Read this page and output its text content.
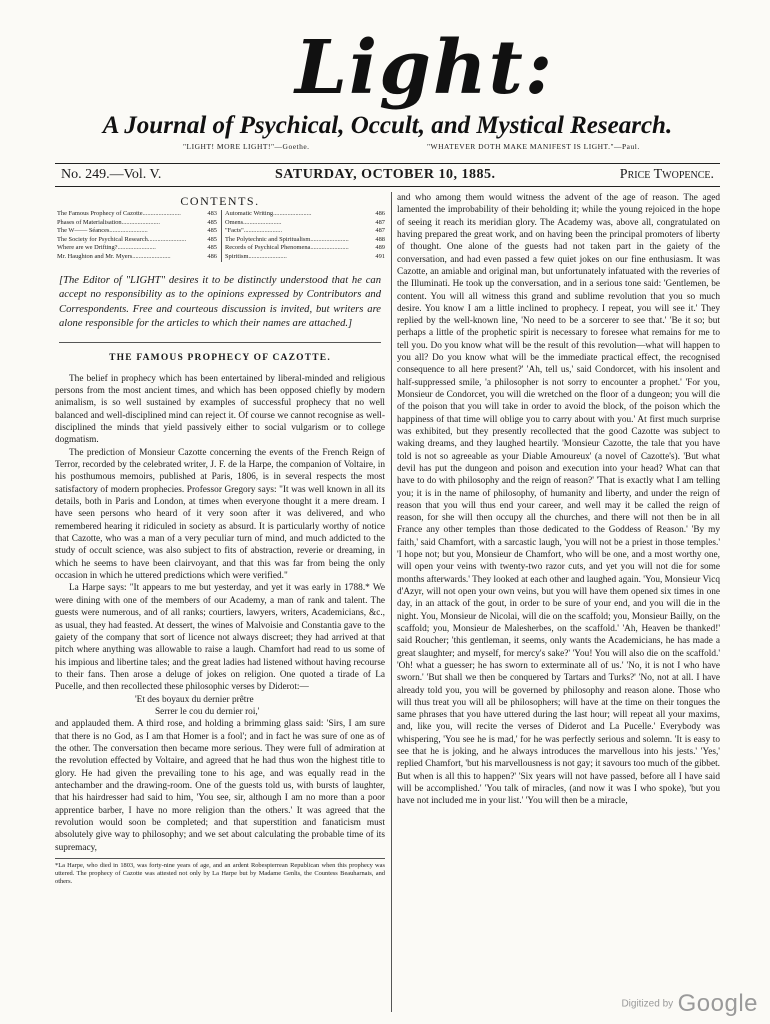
Light:
A Journal of Psychical, Occult, and Mystical Research.
"LIGHT! MORE LIGHT!"—Goethe.	"WHATEVER DOTH MAKE MANIFEST IS LIGHT."—Paul.
No. 249.—Vol. V.	SATURDAY, OCTOBER 10, 1885.	Price Twopence.
CONTENTS.
The Famous Prophecy of Cazotte ........................	483
Phases of Materialisation ........................	485
The W—— Séances ........................	485
The Society for Psychical Research ........................	485
Where are we Drifting? ........................	485
Mr. Haughton and Mr. Myers ........................	486
Automatic Writing ........................	486
Omens ........................	487
"Facts" ........................	487
The Polytechnic and Spiritualism ........................	488
Records of Psychical Phenomena ........................	489
Spiritism ........................	491

[The Editor of "LIGHT" desires it to be distinctly understood that he can accept no responsibility as to the opinions expressed by Contributors and Correspondents. Free and courteous discussion is invited, but writers are alone responsible for the articles to which their names are attached.]

THE FAMOUS PROPHECY OF CAZOTTE.

The belief in prophecy which has been entertained by liberal-minded and religious persons from the most ancient times, and which has been opposed chiefly by modern animalism, is so well sustained by examples of successful prophecy that no well balanced and well-disciplined mind can reject it. Of course we cannot recognise as well-disciplined the minds that yield passively either to social vulgarism or to college dogmatism.

The prediction of Monsieur Cazotte concerning the events of the French Reign of Terror, recorded by the celebrated writer, J. F. de la Harpe, the companion of Voltaire, in his posthumous memoirs, published at Paris, 1806, is in several respects the most satisfactory of modern prophecies. Professor Gregory says: "It was well known in all its details, both in Paris and London, at times when everyone thought it a mere dream. I have seen persons who heard of it very soon after it was delivered, and who remembered hearing it ridiculed in society as absurd. It is particularly worthy of notice that Cazotte, who was a man of a very peculiar turn of mind, and much addicted to the study of occult science, was also subject to fits of abstraction, reverie or dreaming, in which he seems to have been clairvoyant, and that this was far from being the only occasion in which he uttered predictions which were verified."

La Harpe says: "It appears to me but yesterday, and yet it was early in 1788.* We were dining with one of the members of our Academy, a man of rank and talent. The guests were numerous, and of all ranks; courtiers, lawyers, writers, Academicians, &c., as usual, they had feasted. At dessert, the wines of Malvoisie and Constantia gave to the gaiety of the company that sort of licence not always discreet; they had arrived at that pitch where anything was allowable to raise a laugh. Chamfort had read to us some of his impious and libertine tales; and the great ladies had listened without having recourse to their fans. Then arose a deluge of jokes on religion. One quoted a tirade of La Pucelle, and then recollected these philosophic verses by Diderot:—

'Et des boyaux du dernier prêtre

Serrer le cou du dernier roi,'

and applauded them. A third rose, and holding a brimming glass said: 'Sirs, I am sure that there is no God, as I am that Homer is a fool'; and in fact he was sure of one as of the other. The conversation then became more serious. They were full of admiration at the revolution effected by Voltaire, and agreed that he had thus won the highest title to glory. He had given the prevailing tone to his age, and was equally read in the antechamber and the drawing-room. One of the guests told us, with bursts of laughter, that his hairdresser had said to him, 'You see, sir, although I am no more than a poor apprentice barber, I have no more religion than the others.' It was agreed that the revolution would soon be completed; and that superstition and fanaticism must absolutely give way to philosophy; and we set about calculating the probable time of its supremacy,

*La Harpe, who died in 1803, was forty-nine years of age, and an ardent Robespierrean Republican when this prophecy was uttered. The prophecy of Cazotte was attested not only by La Harpe but by Madame Genlis, the Countess Beauharnais, and others.

and who among them would witness the advent of the age of reason. The aged lamented the improbability of their beholding it; while the young rejoiced in the hope of seeing it reach its meridian glory. The Academy was, above all, congratulated on having prepared the great work, and on having been the principal promoters of liberty of thought. One alone of the guests had not taken part in the gaiety of the conversation, and had even passed a few quiet jokes on our fine enthusiasm. It was Cazotte, an amiable and original man, but unfortunately infatuated with the reveries of the Illuminati. He took up the conversation, and in a serious tone said: 'Gentlemen, be content. You will all witness this grand and sublime revolution that you so much desire. You know I am a little inclined to prophecy. I repeat, you will see it.' They replied by the well-known line, 'No need to be a sorcerer to see that.' 'Be it so; but perhaps a little of the prophetic spirit is necessary to foresee what remains for me to tell you. Do you know what will be the result of this revolution—what will happen to you all? Do you know what will be the immediate practical effect, the recognised consequence to all here present?' 'Ah, tell us,' said Condorcet, with his insolent and half-suppressed smile, 'a philosopher is not sorry to encounter a prophet.' 'For you, Monsieur de Condorcet, you will die wretched on the floor of a dungeon; you will die of the poison that you will take in order to avoid the block, of the poison which the happiness of that time will oblige you to carry about with you.' At first much surprise was exhibited, but they presently recollected that the good Cazotte was subject to waking dreams, and they laughed heartily. 'Monsieur Cazotte, the tale that you have told is not so agreeable as your Diable Amoureux' (a novel of Cazotte's). 'But what devil has put the dungeon and poison and execution into your head? What can that have to do with philosophy and the reign of reason?' 'That is exactly what I am telling you; it is in the name of philosophy, of humanity and liberty, and under the reign of reason that you will thus end your career, and well may it be called the reign of reason, for she will then occupy all the churches, and there will not then be in all France any other temples than those dedicated to the Goddess of Reason.' 'By my faith,' said Chamfort, with a sarcastic laugh, 'you will not be a priest in those temples.' 'I hope not; but you, Monsieur de Chamfort, who will be one, and a most worthy one, will open your veins with twenty-two razor cuts, and yet you will not die for some months afterwards.' They looked at each other and laughed again. 'You, Monsieur Vicq d'Azyr, will not open your own veins, but you will have them opened six times in one day, in an attack of the gout, in order to be sure of your end, and you will die in the night. You, Monsieur de Nicolai, will die on the scaffold; you, Monsieur Bailly, on the scaffold; you, Monsieur de Malesherbes, on the scaffold.' 'Ah, Heaven be thanked!' said Roucher; 'this gentleman, it seems, only wants the Academicians, he has made a great slaughter; and myself, for mercy's sake?' 'You! You will also die on the scaffold.' 'Oh! what a guesser; he has sworn to exterminate all of us.' 'No, it is not I who have sworn.' 'But shall we then be conquered by Tartars and Turks?' 'No, not at all. I have already told you, you will be governed by philosophy and reason alone. Those who will thus treat you will all be philosophers; will have at the time on their tongues the same phrases that you have uttered during the last hour; will repeat all your maxims, and, like you, will recite the verses of Diderot and La Pucelle.' Everybody was whispering, 'You see he is mad,' for he was perfectly serious and solemn. 'It is easy to see that he is joking, and he always introduces the marvellous into his jests.' 'Yes,' replied Chamfort, 'but his marvellousness is not gay; it savours too much of the gibbet. But when is all this to happen?' 'Six years will not have passed, before all I have said will be accomplished.' 'You talk of miracles, (and now it was I who spoke), 'but you have not included me in your list.' 'You will then be a miracle,

Digitized by Google
